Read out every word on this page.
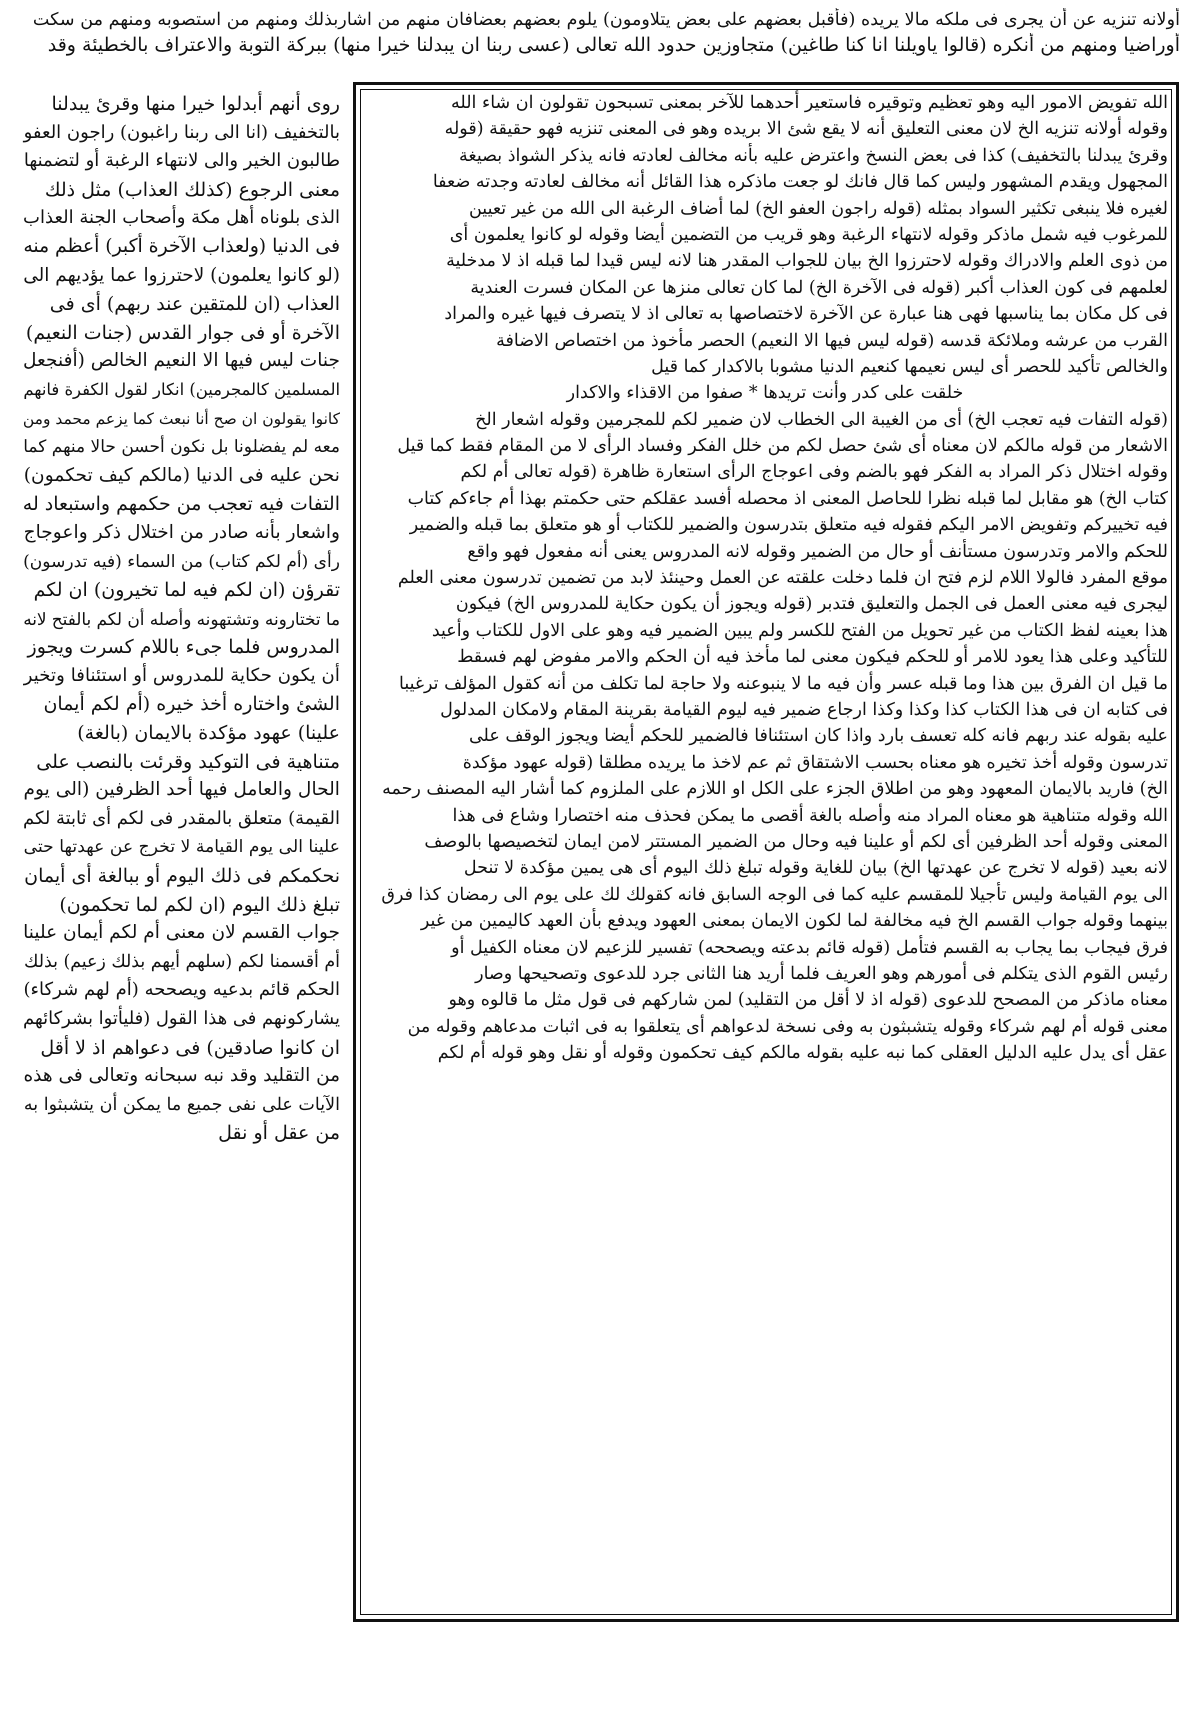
أولانه تنزيه عن أن يجرى فى ملكه مالا يريده (فأقبل بعضهم على بعض يتلاومون) يلوم بعضهم بعضافان منهم من اشاربذلك ومنهم من استصوبه ومنهم من سكت
أوراضيا ومنهم من أنكره (قالوا ياويلنا انا كنا طاغين) متجاوزين حدود الله تعالى (عسى ربنا ان يبدلنا خيرا منها) ببركة التوبة والاعتراف بالخطيئة وقد
الله تفويض الامور اليه وهو تعظيم وتوقيره فاستعير أحدهما للآخر بمعنى تسبحون تقولون ان شاء الله
وقوله أولانه تنزيه الخ لان معنى التعليق أنه لا يقع شئ الا بريده وهو فى المعنى تنزيه فهو حقيقة (قوله
وقرئ يبدلنا بالتخفيف) كذا فى بعض النسخ واعترض عليه بأنه مخالف لعادته فانه يذكر الشواذ بصيغة
المجهول ويقدم المشهور وليس كما قال فانك لو جعت ماذكره هذا القائل أنه مخالف لعادته وجدته ضعفا
لغيره فلا ينبغى تكثير السواد بمثله (قوله راجون العفو الخ) لما أضاف الرغبة الى الله من غير تعيين
للمرغوب فيه شمل ماذكر وقوله لانتهاء الرغبة وهو قريب من التضمين أيضا وقوله لو كانوا يعلمون أى
من ذوى العلم والادراك وقوله لاحترزوا الخ بيان للجواب المقدر هنا لانه ليس قيدا لما قبله اذ لا مدخلية
لعلمهم فى كون العذاب أكبر (قوله فى الآخرة الخ) لما كان تعالى منزها عن المكان فسرت العندية
فى كل مكان بما يناسبها فهى هنا عبارة عن الآخرة لاختصاصها به تعالى اذ لا يتصرف فيها غيره والمراد
القرب من عرشه وملائكة قدسه (قوله ليس فيها الا النعيم) الحصر مأخوذ من اختصاص الاضافة
والخالص تأكيد للحصر أى ليس نعيمها كنعيم الدنيا مشوبا بالاكدار كما قيل
خلقت على كدر وأنت تريدها * صفوا من الاقذاء والاكدار
(قوله التفات فيه تعجب الخ) أى من الغيبة الى الخطاب لان ضمير لكم للمجرمين وقوله اشعار الخ
الاشعار من قوله مالكم لان معناه أى شئ حصل لكم من خلل الفكر وفساد الرأى لا من المقام فقط كما قيل
وقوله اختلال ذكر المراد به الفكر فهو بالضم وفى اعوجاج الرأى استعارة ظاهرة (قوله تعالى أم لكم
كتاب الخ) هو مقابل لما قبله نظرا للحاصل المعنى اذ محصله أفسد عقلكم حتى حكمتم بهذا أم جاءكم كتاب
فيه تخييركم وتفويض الامر اليكم فقوله فيه متعلق بتدرسون والضمير للكتاب أو هو متعلق بما قبله والضمير
للحكم والامر وتدرسون مستأنف أو حال من الضمير وقوله لانه المدروس يعنى أنه مفعول فهو واقع
موقع المفرد فالولا اللام لزم فتح ان فلما دخلت علقته عن العمل وحينئذ لابد من تضمين تدرسون معنى العلم
ليجرى فيه معنى العمل فى الجمل والتعليق فتدبر (قوله ويجوز أن يكون حكاية للمدروس الخ) فيكون
هذا بعينه لفظ الكتاب من غير تحويل من الفتح للكسر ولم يبين الضمير فيه وهو على الاول للكتاب وأعيد
للتأكيد وعلى هذا يعود للامر أو للحكم فيكون معنى لما مأخذ فيه أن الحكم والامر مفوض لهم فسقط
ما قيل ان الفرق بين هذا وما قبله عسر وأن فيه ما لا ينبوعنه ولا حاجة لما تكلف من أنه كقول المؤلف ترغيبا
فى كتابه ان فى هذا الكتاب كذا وكذا وكذا ارجاع ضمير فيه ليوم القيامة بقرينة المقام ولامكان المدلول
عليه بقوله عند ربهم فانه كله تعسف بارد واذا كان استئنافا فالضمير للحكم أيضا ويجوز الوقف على
تدرسون وقوله أخذ تخيره هو معناه بحسب الاشتقاق ثم عم لاخذ ما يريده مطلقا (قوله عهود مؤكدة
الخ) فاريد بالايمان المعهود وهو من اطلاق الجزء على الكل او اللازم على الملزوم كما أشار اليه المصنف رحمه
الله وقوله متناهية هو معناه المراد منه وأصله بالغة أقصى ما يمكن فحذف منه اختصارا وشاع فى هذا
المعنى وقوله أحد الظرفين أى لكم أو علينا فيه وحال من الضمير المستتر لامن ايمان لتخصيصها بالوصف
لانه بعيد (قوله لا تخرج عن عهدتها الخ) بيان للغاية وقوله تبلغ ذلك اليوم أى هى يمين مؤكدة لا تنحل
الى يوم القيامة وليس تأجيلا للمقسم عليه كما فى الوجه السابق فانه كقولك لك على يوم الى رمضان كذا فرق
بينهما وقوله جواب القسم الخ فيه مخالفة لما لكون الايمان بمعنى العهود ويدفع بأن العهد كاليمين من غير
فرق فيجاب بما يجاب به القسم فتأمل (قوله قائم بدعته ويصححه) تفسير للزعيم لان معناه الكفيل أو
رئيس القوم الذى يتكلم فى أمورهم وهو العريف فلما أريد هنا الثانى جرد للدعوى وتصحيحها وصار
معناه ماذكر من المصحح للدعوى (قوله اذ لا أقل من التقليد) لمن شاركهم فى قول مثل ما قالوه وهو
معنى قوله أم لهم شركاء وقوله يتشبثون به وفى نسخة لدعواهم أى يتعلقوا به فى اثبات مدعاهم وقوله من
عقل أى يدل عليه الدليل العقلى كما نبه عليه بقوله مالكم كيف تحكمون وقوله أو نقل وهو قوله أم لكم
روى أنهم أبدلوا خيرا منها وقرئ يبدلنا
بالتخفيف (انا الى ربنا راغبون) راجون العفو
طالبون الخير والى لانتهاء الرغبة أو لتضمنها
معنى الرجوع (كذلك العذاب) مثل ذلك
الذى بلوناه أهل مكة وأصحاب الجنة العذاب
فى الدنيا (ولعذاب الآخرة أكبر) أعظم منه
(لو كانوا يعلمون) لاحترزوا عما يؤديهم الى
العذاب (ان للمتقين عند ربهم) أى فى
الآخرة أو فى جوار القدس (جنات النعيم)
جنات ليس فيها الا النعيم الخالص (أفنجعل
المسلمين كالمجرمين) انكار لقول الكفرة فانهم
كانوا يقولون ان صح أنا نبعث كما يزعم محمد ومن
معه لم يفضلونا بل نكون أحسن حالا منهم كما
نحن عليه فى الدنيا (مالكم كيف تحكمون)
التفات فيه تعجب من حكمهم واستبعاد له
واشعار بأنه صادر من اختلال ذكر واعوجاج
رأى (أم لكم كتاب) من السماء (فيه تدرسون)
تقرؤن (ان لكم فيه لما تخيرون) ان لكم
ما تختارونه وتشتهونه وأصله أن لكم بالفتح لانه
المدروس فلما جىء باللام كسرت ويجوز
أن يكون حكاية للمدروس أو استئنافا وتخير
الشئ واختاره أخذ خيره (أم لكم أيمان
علينا) عهود مؤكدة بالايمان (بالغة)
متناهية فى التوكيد وقرئت بالنصب على
الحال والعامل فيها أحد الظرفين (الى يوم
القيمة) متعلق بالمقدر فى لكم أى ثابتة لكم
علينا الى يوم القيامة لا تخرج عن عهدتها حتى
نحكمكم فى ذلك اليوم أو ببالغة أى أيمان
تبلغ ذلك اليوم (ان لكم لما تحكمون)
جواب القسم لان معنى أم لكم أيمان علينا
أم أقسمنا لكم (سلهم أيهم بذلك زعيم) بذلك
الحكم قائم بدعيه ويصححه (أم لهم شركاء)
يشاركونهم فى هذا القول (فليأتوا بشركائهم
ان كانوا صادقين) فى دعواهم اذ لا أقل
من التقليد وقد نبه سبحانه وتعالى فى هذه
الآيات على نفى جميع ما يمكن أن يتشبثوا به
من عقل أو نقل
